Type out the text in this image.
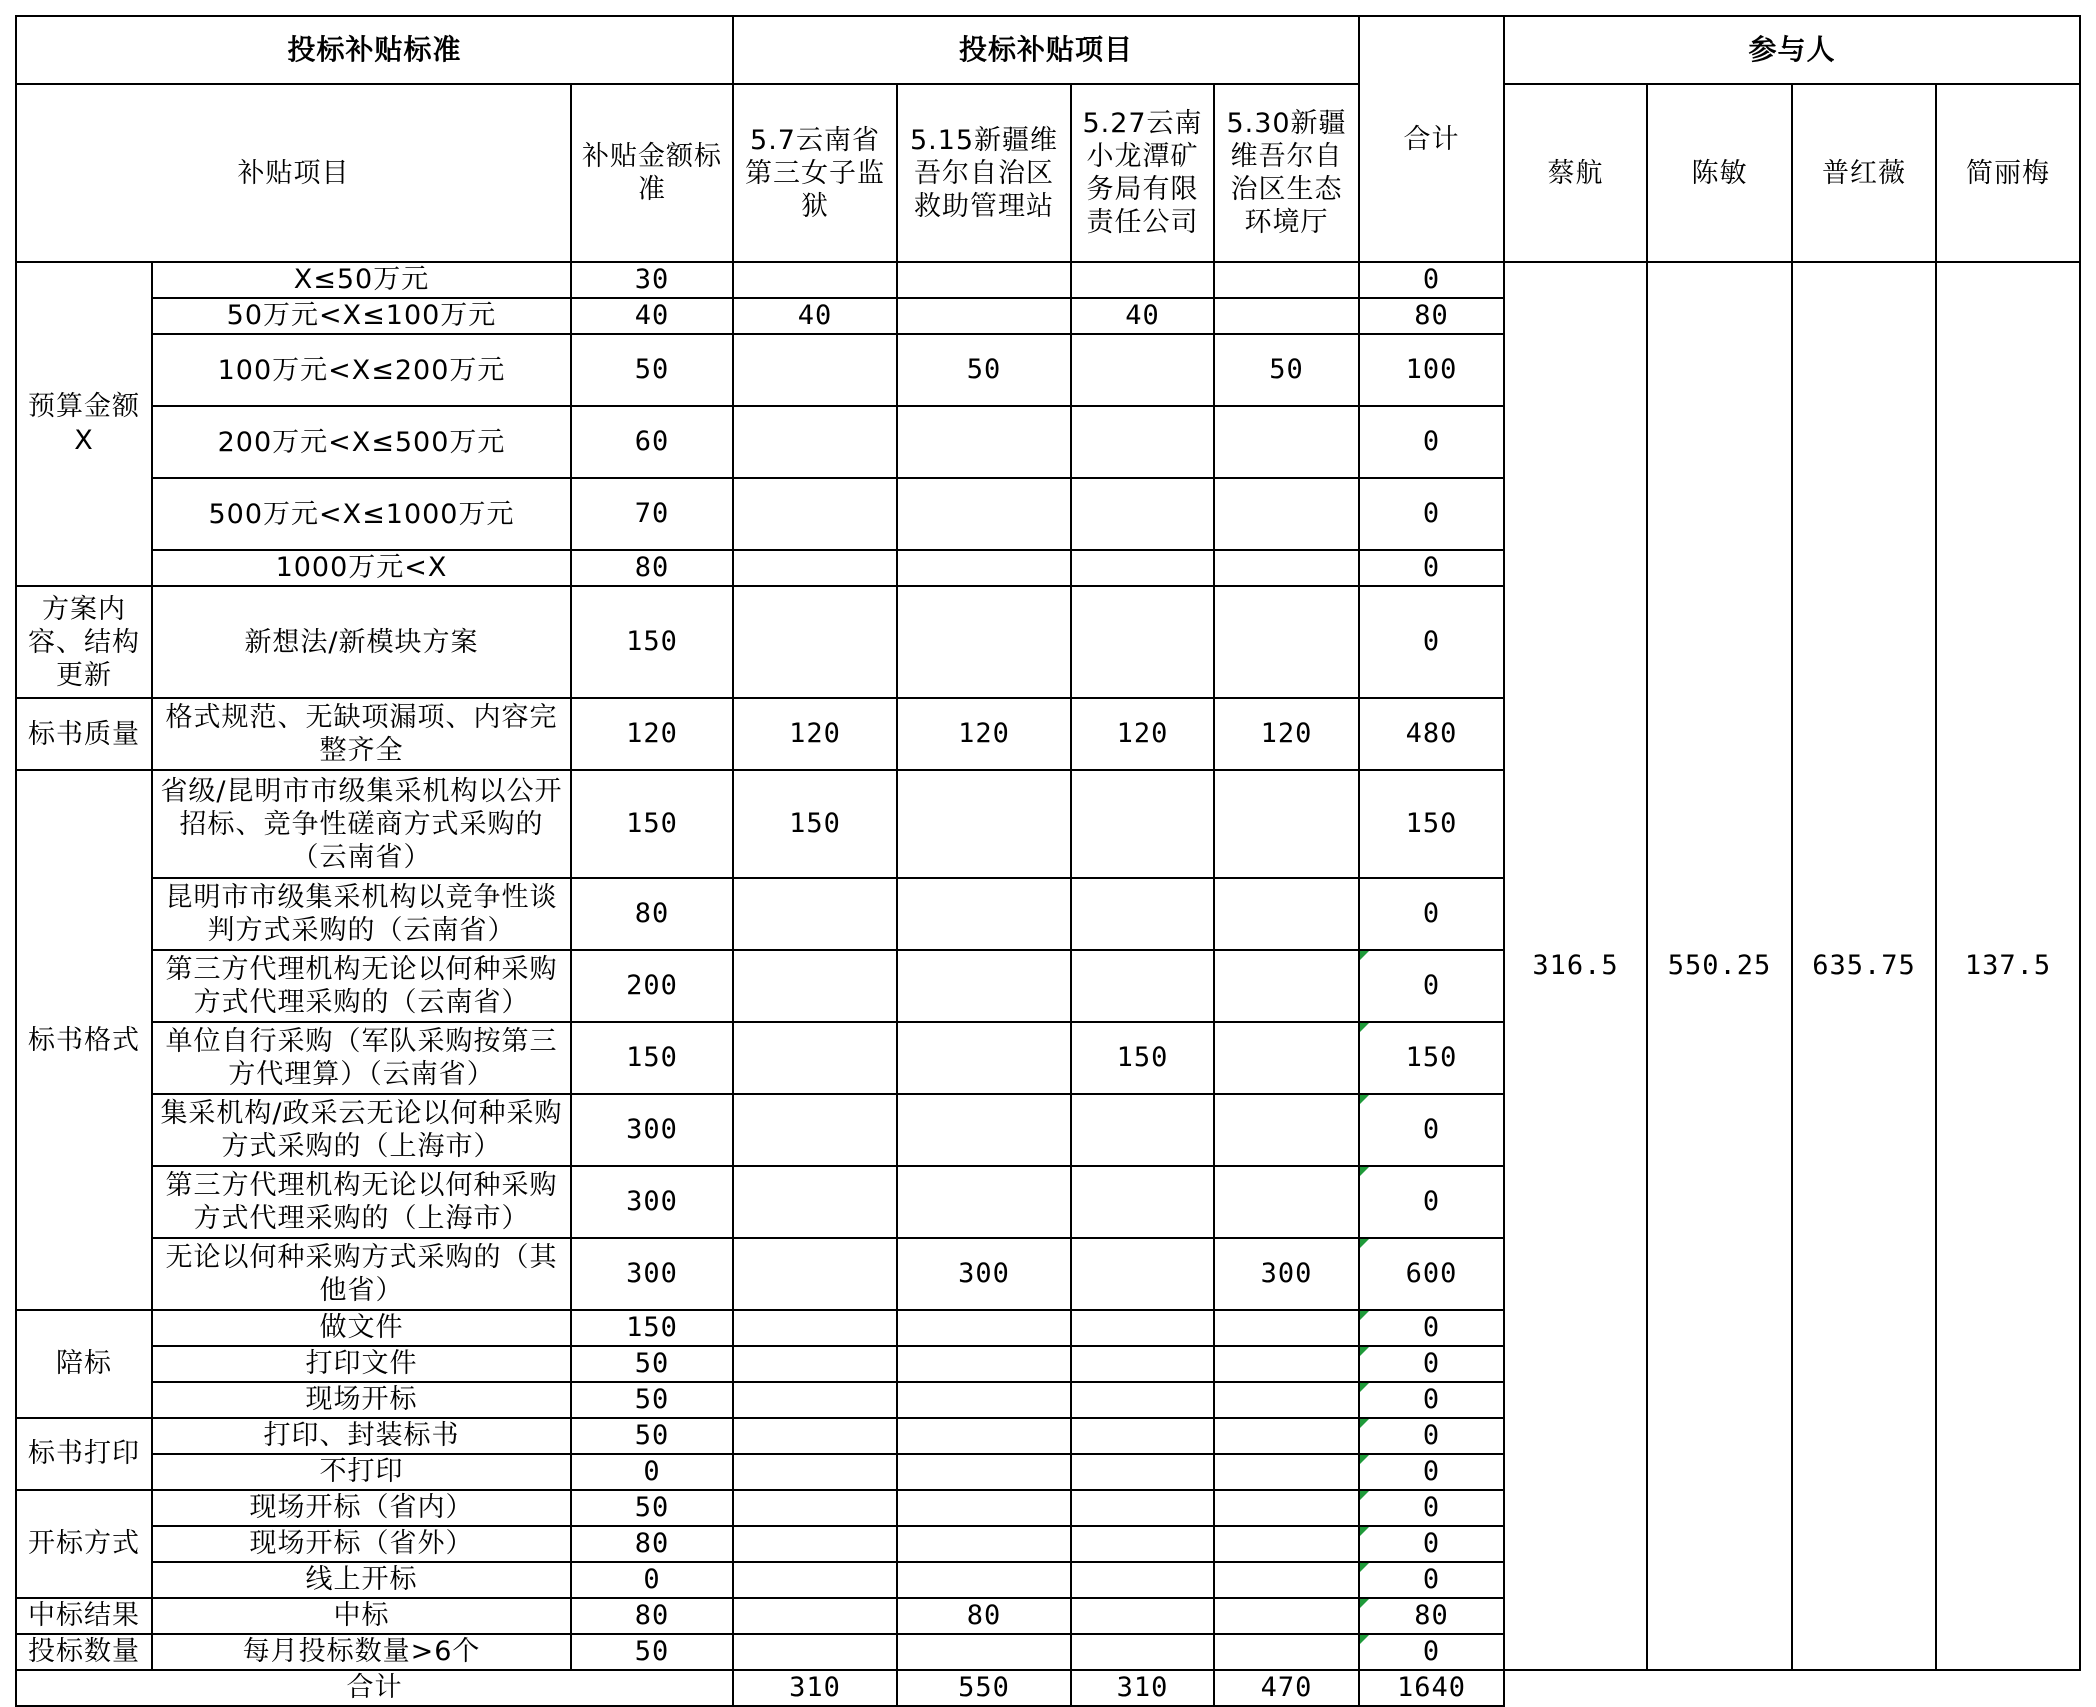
投标补贴标准			投标补贴项目				合计	参与人			
补贴项目		补贴金额标准	5.7云南省第三女子监狱	5.15新疆维吾尔自治区救助管理站	5.27云南小龙潭矿务局有限责任公司	5.30新疆维吾尔自治区生态环境厅		蔡航	陈敏	普红薇	简丽梅
预算金额X	X≤50万元	30					0	316.5	550.25	635.75	137.5
	50万元<X≤100万元	40	40		40		80				
	100万元<X≤200万元	50		50		50	100				
	200万元<X≤500万元	60					0				
	500万元<X≤1000万元	70					0				
	1000万元<X	80					0				
方案内容、结构更新	新想法/新模块方案	150					0				
标书质量	格式规范、无缺项漏项、内容完整齐全	120	120	120	120	120	480				
标书格式	省级/昆明市市级集采机构以公开招标、竞争性磋商方式采购的（云南省）	150	150				150				
	昆明市市级集采机构以竞争性谈判方式采购的（云南省）	80					0				
	第三方代理机构无论以何种采购方式代理采购的（云南省）	200					0				
	单位自行采购（军队采购按第三方代理算）（云南省）	150			150		150				
	集采机构/政采云无论以何种采购方式采购的（上海市）	300					0				
	第三方代理机构无论以何种采购方式代理采购的（上海市）	300					0				
	无论以何种采购方式采购的（其他省）	300		300		300	600				
陪标	做文件	150					0				
	打印文件	50					0				
	现场开标	50					0				
标书打印	打印、封装标书	50					0				
	不打印	0					0				
开标方式	现场开标（省内）	50					0				
	现场开标（省外）	80					0				
	线上开标	0					0				
中标结果	中标	80		80			80				
投标数量	每月投标数量>6个	50					0				
合计			310	550	310	470	1640				
